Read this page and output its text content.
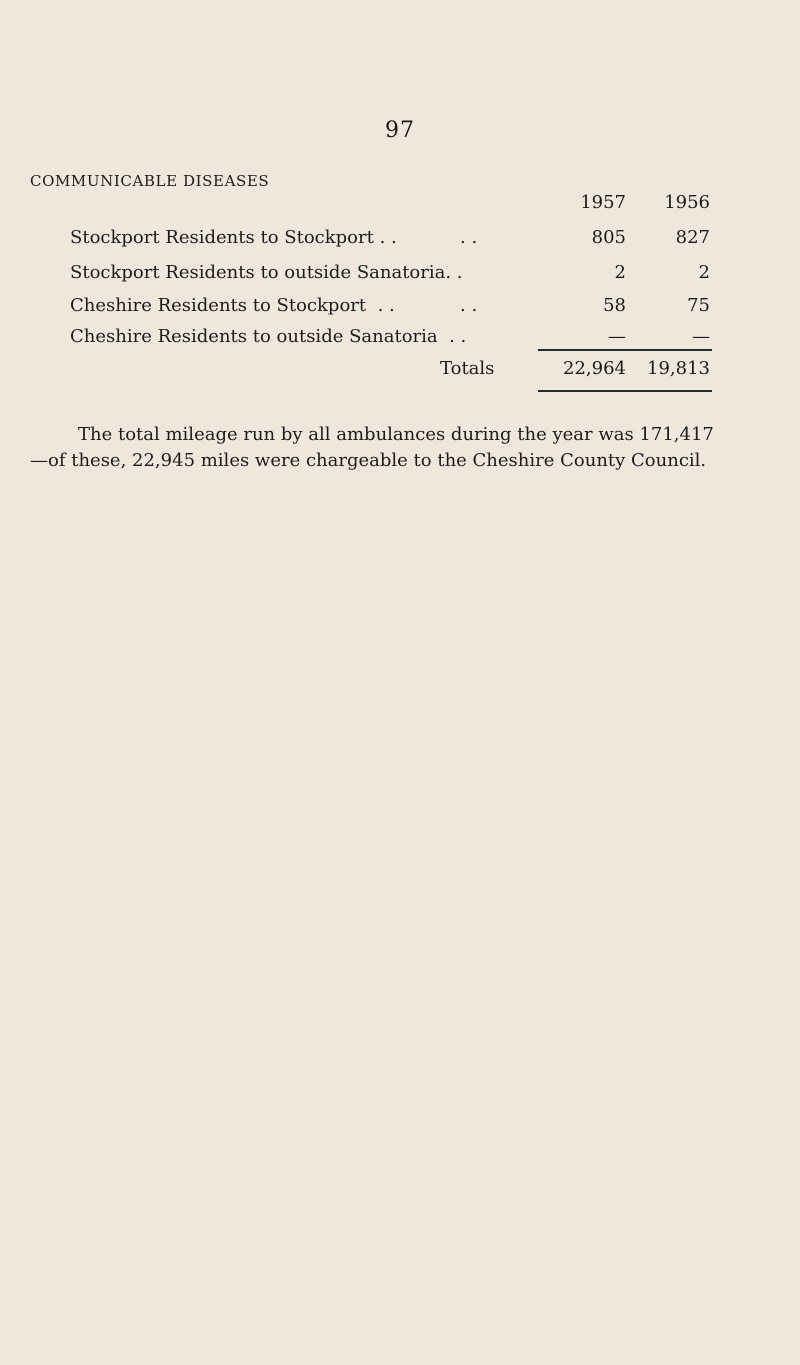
97
COMMUNICABLE DISEASES
1957	1956
Stockport Residents to Stockport . .	. .	805	827
Stockport Residents to outside Sanatoria. .	2	2
Cheshire Residents to Stockport  . .	. .	58	75
Cheshire Residents to outside Sanatoria  . .	—	—
Totals	22,964	19,813
The total mileage run by all ambulances during the year was 171,417
—of these, 22,945 miles were chargeable to the Cheshire County Council.
